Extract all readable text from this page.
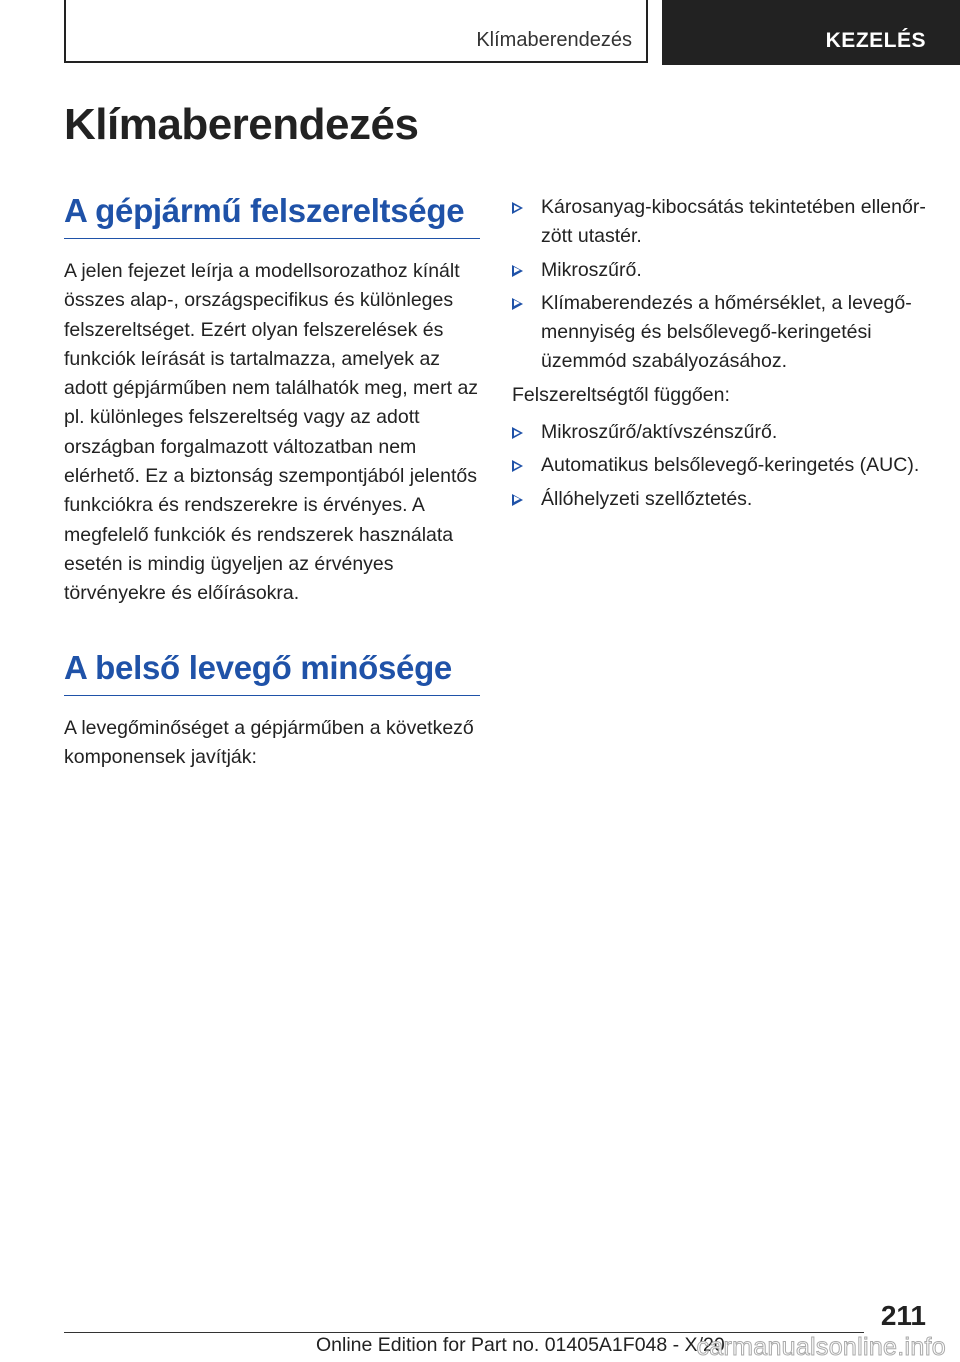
Klímaberendezés	KEZELÉS
Klímaberendezés
A gépjármű felszereltsége

A jelen fejezet leírja a modellsorozathoz kínált összes alap-, országspecifikus és különleges felszereltséget. Ezért olyan felszerelések és funkciók leírását is tartalmazza, amelyek az adott gépjárműben nem találhatók meg, mert az pl. különleges felszereltség vagy az adott országban forgalmazott változatban nem elérhető. Ez a biztonság szempontjából jelentős funkciókra és rendszerekre is érvényes. A megfelelő funkciók és rendszerek használata esetén is mindig ügyeljen az érvényes törvényekre és előírásokra.

A belső levegő minősége

A levegőminőséget a gépjárműben a következő komponensek javítják:

Károsanyag-kibocsátás tekintetében ellenőrzött utastér.
Mikroszűrő.
Klímaberendezés a hőmérséklet, a levegőmennyiség és belsőlevegő-keringetési üzemmód szabályozásához.

Felszereltségtől függően:

Mikroszűrő/aktívszénszűrő.
Automatikus belsőlevegő-keringetés (AUC).
Állóhelyzeti szellőztetés.
211
Online Edition for Part no. 01405A1F048 - X/20
carmanualsonline.info
